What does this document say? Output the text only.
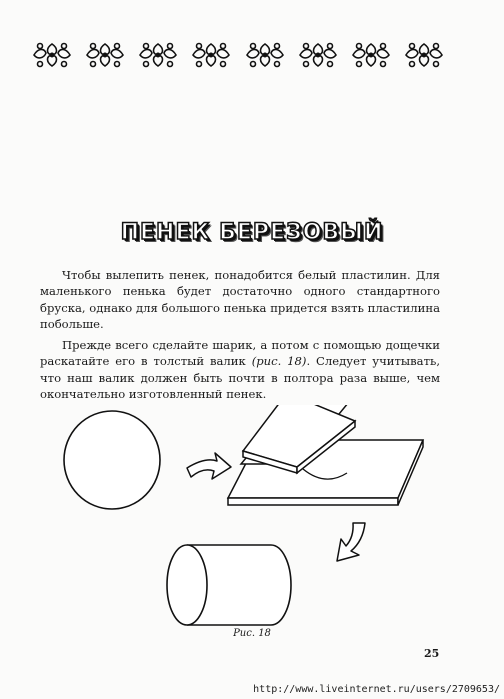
ПЕНЕК БЕРЕЗОВЫЙ

Чтобы вылепить пенек, понадобится белый пластилин. Для маленького пенька будет достаточно одного стандартного бруска, однако для большого пенька придется взять пластилина побольше.

Прежде всего сделайте шарик, а потом с помощью дощечки раскатайте его в толстый валик (рис. 18). Следует учитывать, что наш валик должен быть почти в полтора раза выше, чем окончательно изготовленный пенек.

Рис. 18
25
http://www.liveinternet.ru/users/2709653/
